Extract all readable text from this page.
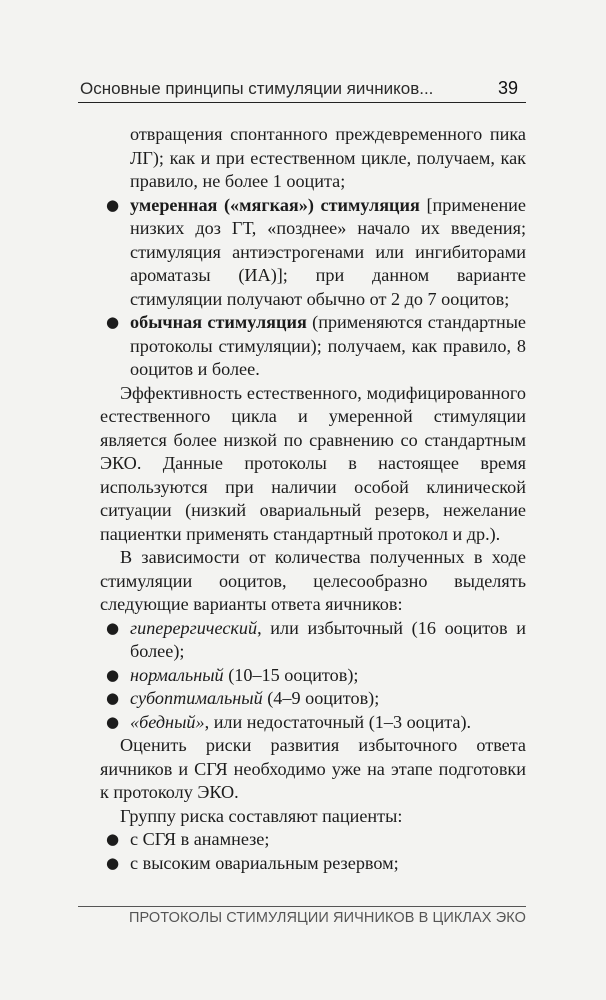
Основные принципы стимуляции яичников...	39

отвращения спонтанного преждевременного пика ЛГ); как и при естественном цикле, получаем, как правило, не более 1 ооцита;

● умеренная («мягкая») стимуляция [применение низких доз ГТ, «позднее» начало их введения; стимуляция антиэстрогенами или ингибиторами ароматазы (ИА)]; при данном варианте стимуляции получают обычно от 2 до 7 ооцитов;
● обычная стимуляция (применяются стандартные протоколы стимуляции); получаем, как правило, 8 ооцитов и более.

Эффективность естественного, модифицированного естественного цикла и умеренной стимуляции является более низкой по сравнению со стандартным ЭКО. Данные протоколы в настоящее время используются при наличии особой клинической ситуации (низкий овариальный резерв, нежелание пациентки применять стандартный протокол и др.).

В зависимости от количества полученных в ходе стимуляции ооцитов, целесообразно выделять следующие варианты ответа яичников:

● гиперергический, или избыточный (16 ооцитов и более);
● нормальный (10–15 ооцитов);
● субоптимальный (4–9 ооцитов);
● «бедный», или недостаточный (1–3 ооцита).

Оценить риски развития избыточного ответа яичников и СГЯ необходимо уже на этапе подготовки к протоколу ЭКО.

Группу риска составляют пациенты:

● с СГЯ в анамнезе;
● с высоким овариальным резервом;
ПРОТОКОЛЫ СТИМУЛЯЦИИ ЯИЧНИКОВ В ЦИКЛАХ ЭКО
